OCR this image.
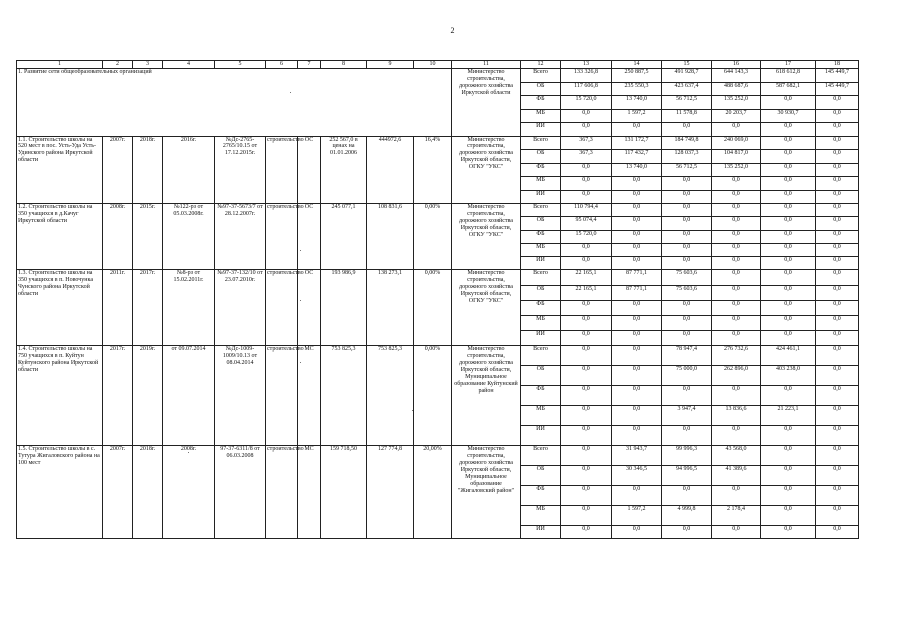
2
1	2	3	4	5	6	7	8	9	10	11	12	13	14	15	16	17	18
1. Развитие сети общеобразовательных организаций										Министерство строительства, дорожного хозяйства Иркутской области	Всего	133 326,8	250 887,5	491 928,7	644 143,3	618 612,8	145 449,7
											ОБ	117 606,8	235 550,3	423 637,4	488 687,6	587 682,1	145 449,7
											ФБ	15 720,0	13 740,0	56 712,5	135 252,0	0,0	0,0
											МБ	0,0	1 597,2	11 578,8	20 203,7	30 930,7	0,0
											ИИ	0,0	0,0	0,0	0,0	0,0	0,0
1.1. Строительство школы на 520 мест в пос. Усть-Уда Усть-Удинского района Иркутской области	2007г.	2018г.	2016г.	№Дс-2765-2765/10.15 от 17.12.2015г.	строительство	ОС	252 567,0 в ценах на 01.01.2006	444972,6	16,4%	Министерство строительства, дорожного хозяйства Иркутской области, ОГКУ "УКС"	Всего	367,3	131 172,7	184 749,8	240 069,0	0,0	0,0
											ОБ	367,3	117 432,7	128 037,3	104 817,0	0,0	0,0
											ФБ	0,0	13 740,0	56 712,5	135 252,0	0,0	0,0
											МБ	0,0	0,0	0,0	0,0	0,0	0,0
											ИИ	0,0	0,0	0,0	0,0	0,0	0,0
1.2. Строительство школы на 350 учащихся в д.Качуг Иркутской области	2008г.	2015г.	№122-рз от 05.03.2008г.	№97-37-5673/7 от 28.12.2007г.	строительство	ОС	245 077,1	108 831,6	0,00%	Министерство строительства, дорожного хозяйства Иркутской области, ОГКУ "УКС"	Всего	110 794,4	0,0	0,0	0,0	0,0	0,0
											ОБ	95 074,4	0,0	0,0	0,0	0,0	0,0
											ФБ	15 720,0	0,0	0,0	0,0	0,0	0,0
											МБ	0,0	0,0	0,0	0,0	0,0	0,0
											ИИ	0,0	0,0	0,0	0,0	0,0	0,0
1.3. Строительство школы на 350 учащихся в п. Новочунка Чунского района Иркутской области	2011г.	2017г.	№8-рз от 15.02.2011г.	№97-37-132/10 от 23.07.2010г.	строительство	ОС	193 986,9	138 273,1	0,00%	Министерство строительства, дорожного хозяйства Иркутской области, ОГКУ "УКС"	Всего	22 165,1	87 771,1	75 603,6	0,0	0,0	0,0
											ОБ	22 165,1	87 771,1	75 603,6	0,0	0,0	0,0
											ФБ	0,0	0,0	0,0	0,0	0,0	0,0
											МБ	0,0	0,0	0,0	0,0	0,0	0,0
											ИИ	0,0	0,0	0,0	0,0	0,0	0,0
1.4. Строительство школы на 750 учащихся в п. Куйтун Куйтунского района Иркутской области	2017г.	2019г.	от 09.07.2014	№Дс-1009-1009/10.13 от 08.04.2014	строительство	МС	753 825,3	753 825,3	0,00%	Министерство строительства, дорожного хозяйства Иркутской области, Муниципальное образование Куйтунский район	Всего	0,0	0,0	78 947,4	276 732,6	424 461,1	0,0
											ОБ	0,0	0,0	75 000,0	262 896,0	403 238,0	0,0
											ФБ	0,0	0,0	0,0	0,0	0,0	0,0
											МБ	0,0	0,0	3 947,4	13 836,6	21 223,1	0,0
											ИИ	0,0	0,0	0,0	0,0	0,0	0,0
1.5. Строительство школы в с. Тутура Жигаловского района на 100 мест	2007г.	2018г.	2008г.	97-37-6311/8 от 06.03.2008	строительство	МС	159 718,50	127 774,8	20,00%	Министерство строительства, дорожного хозяйства Иркутской области, Муниципальное образование "Жигаловский район"	Всего	0,0	31 943,7	99 996,3	43 568,0	0,0	0,0
											ОБ	0,0	30 346,5	94 996,5	41 389,6	0,0	0,0
											ФБ	0,0	0,0	0,0	0,0	0,0	0,0
											МБ	0,0	1 597,2	4 999,8	2 178,4	0,0	0,0
											ИИ	0,0	0,0	0,0	0,0	0,0	0,0
